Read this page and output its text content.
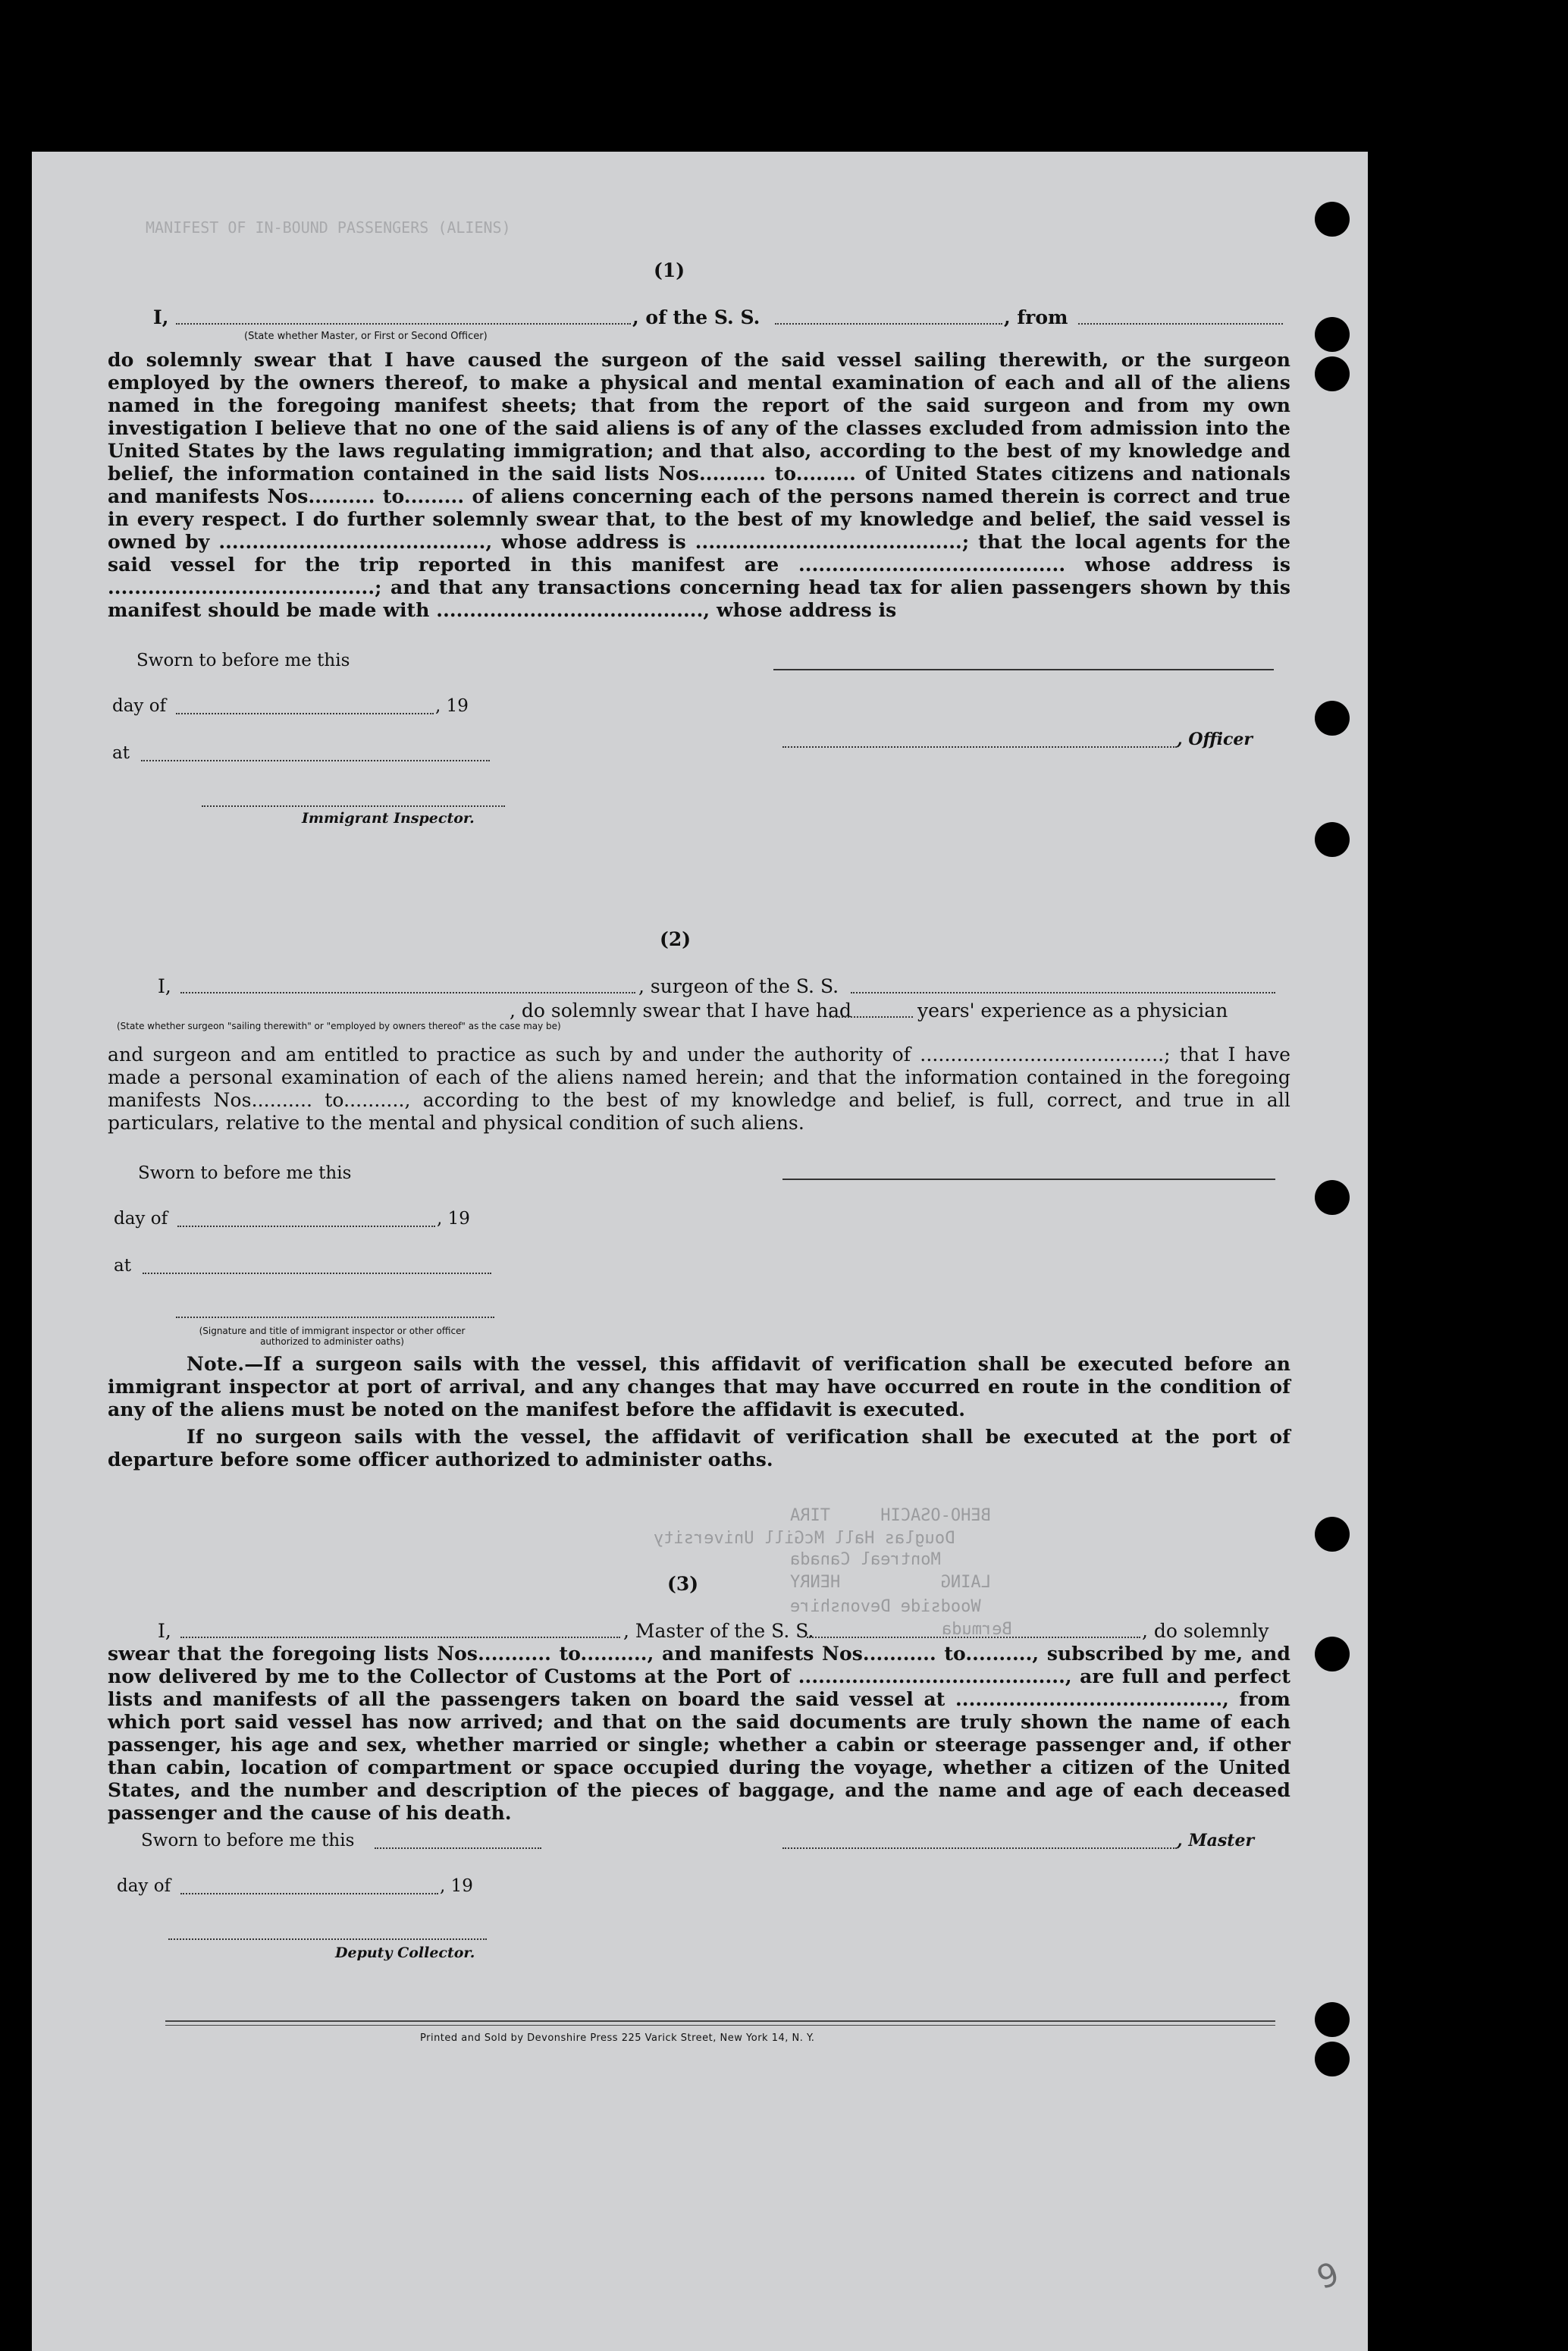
MANIFEST OF IN-BOUND PASSENGERS (ALIENS)
(1)
I,	, of the S. S.	, from
(State whether Master, or First or Second Officer)
do solemnly swear that I have caused the surgeon of the said vessel sailing therewith, or the surgeon employed by the owners thereof, to make a physical and mental examination of each and all of the aliens named in the foregoing manifest sheets; that from the report of the said surgeon and from my own investigation I believe that no one of the said aliens is of any of the classes excluded from admission into the United States by the laws regulating immigration; and that also, according to the best of my knowledge and belief, the information contained in the said lists Nos.......... to......... of United States citizens and nationals and manifests Nos.......... to......... of aliens concerning each of the persons named therein is correct and true in every respect. I do further solemnly swear that, to the best of my knowledge and belief, the said vessel is owned by ........................................, whose address is ........................................; that the local agents for the said vessel for the trip reported in this manifest are ........................................ whose address is ........................................; and that any transactions concerning head tax for alien passengers shown by this manifest should be made with ........................................, whose address is
Sworn to before me this
day of	, 19
at
Immigrant Inspector.
, Officer
(2)
I,	, surgeon of the S. S.
, do solemnly swear that I have had	years' experience as a physician
(State whether surgeon "sailing therewith" or "employed by owners thereof" as the case may be)
and surgeon and am entitled to practice as such by and under the authority of ........................................; that I have made a personal examination of each of the aliens named herein; and that the information contained in the foregoing manifests Nos.......... to.........., according to the best of my knowledge and belief, is full, correct, and true in all particulars, relative to the mental and physical condition of such aliens.
Sworn to before me this
day of	, 19
at
(Signature and title of immigrant inspector or other officer authorized to administer oaths)
Note.—If a surgeon sails with the vessel, this affidavit of verification shall be executed before an immigrant inspector at port of arrival, and any changes that may have occurred en route in the condition of any of the aliens must be noted on the manifest before the affidavit is executed.
If no surgeon sails with the vessel, the affidavit of verification shall be executed at the port of departure before some officer authorized to administer oaths.
(3)
I,	, Master of the S. S.	, do solemnly
swear that the foregoing lists Nos........... to.........., and manifests Nos........... to.........., subscribed by me, and now delivered by me to the Collector of Customs at the Port of ........................................, are full and perfect lists and manifests of all the passengers taken on board the said vessel at ........................................, from which port said vessel has now arrived; and that on the said documents are truly shown the name of each passenger, his age and sex, whether married or single; whether a cabin or steerage passenger and, if other than cabin, location of compartment or space occupied during the voyage, whether a citizen of the United States, and the number and description of the pieces of baggage, and the name and age of each deceased passenger and the cause of his death.
Sworn to before me this	, Master
day of	, 19
Deputy Collector.
Printed and Sold by Devonshire Press 225 Varick Street, New York 14, N. Y.
LAING          HENRY
Woodside Devonshire
Bermuda
BEHO-OSACIH     TIRA
Douglas Hall McGill University
Montreal Canada
9
